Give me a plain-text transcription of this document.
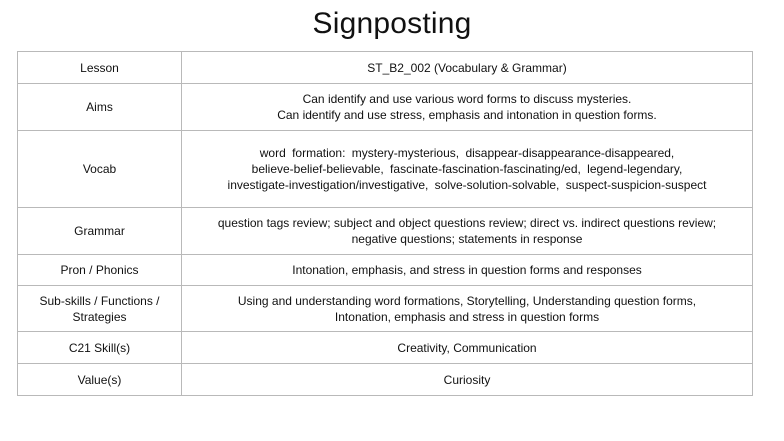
Signposting
Lesson	ST_B2_002 (Vocabulary & Grammar)

Aims	Can identify and use various word forms to discuss mysteries.
Can identify and use stress, emphasis and intonation in question forms.

Vocab	word formation: mystery-mysterious, disappear-disappearance-disappeared,
believe-belief-believable, fascinate-fascination-fascinating/ed, legend-legendary,
investigate-investigation/investigative, solve-solution-solvable, suspect-suspicion-suspect

Grammar	question tags review; subject and object questions review; direct vs. indirect questions review;
negative questions; statements in response

Pron / Phonics	Intonation, emphasis, and stress in question forms and responses

Sub-skills / Functions /
Strategies	Using and understanding word formations, Storytelling, Understanding question forms,
Intonation, emphasis and stress in question forms

C21 Skill(s)	Creativity, Communication

Value(s)	Curiosity
